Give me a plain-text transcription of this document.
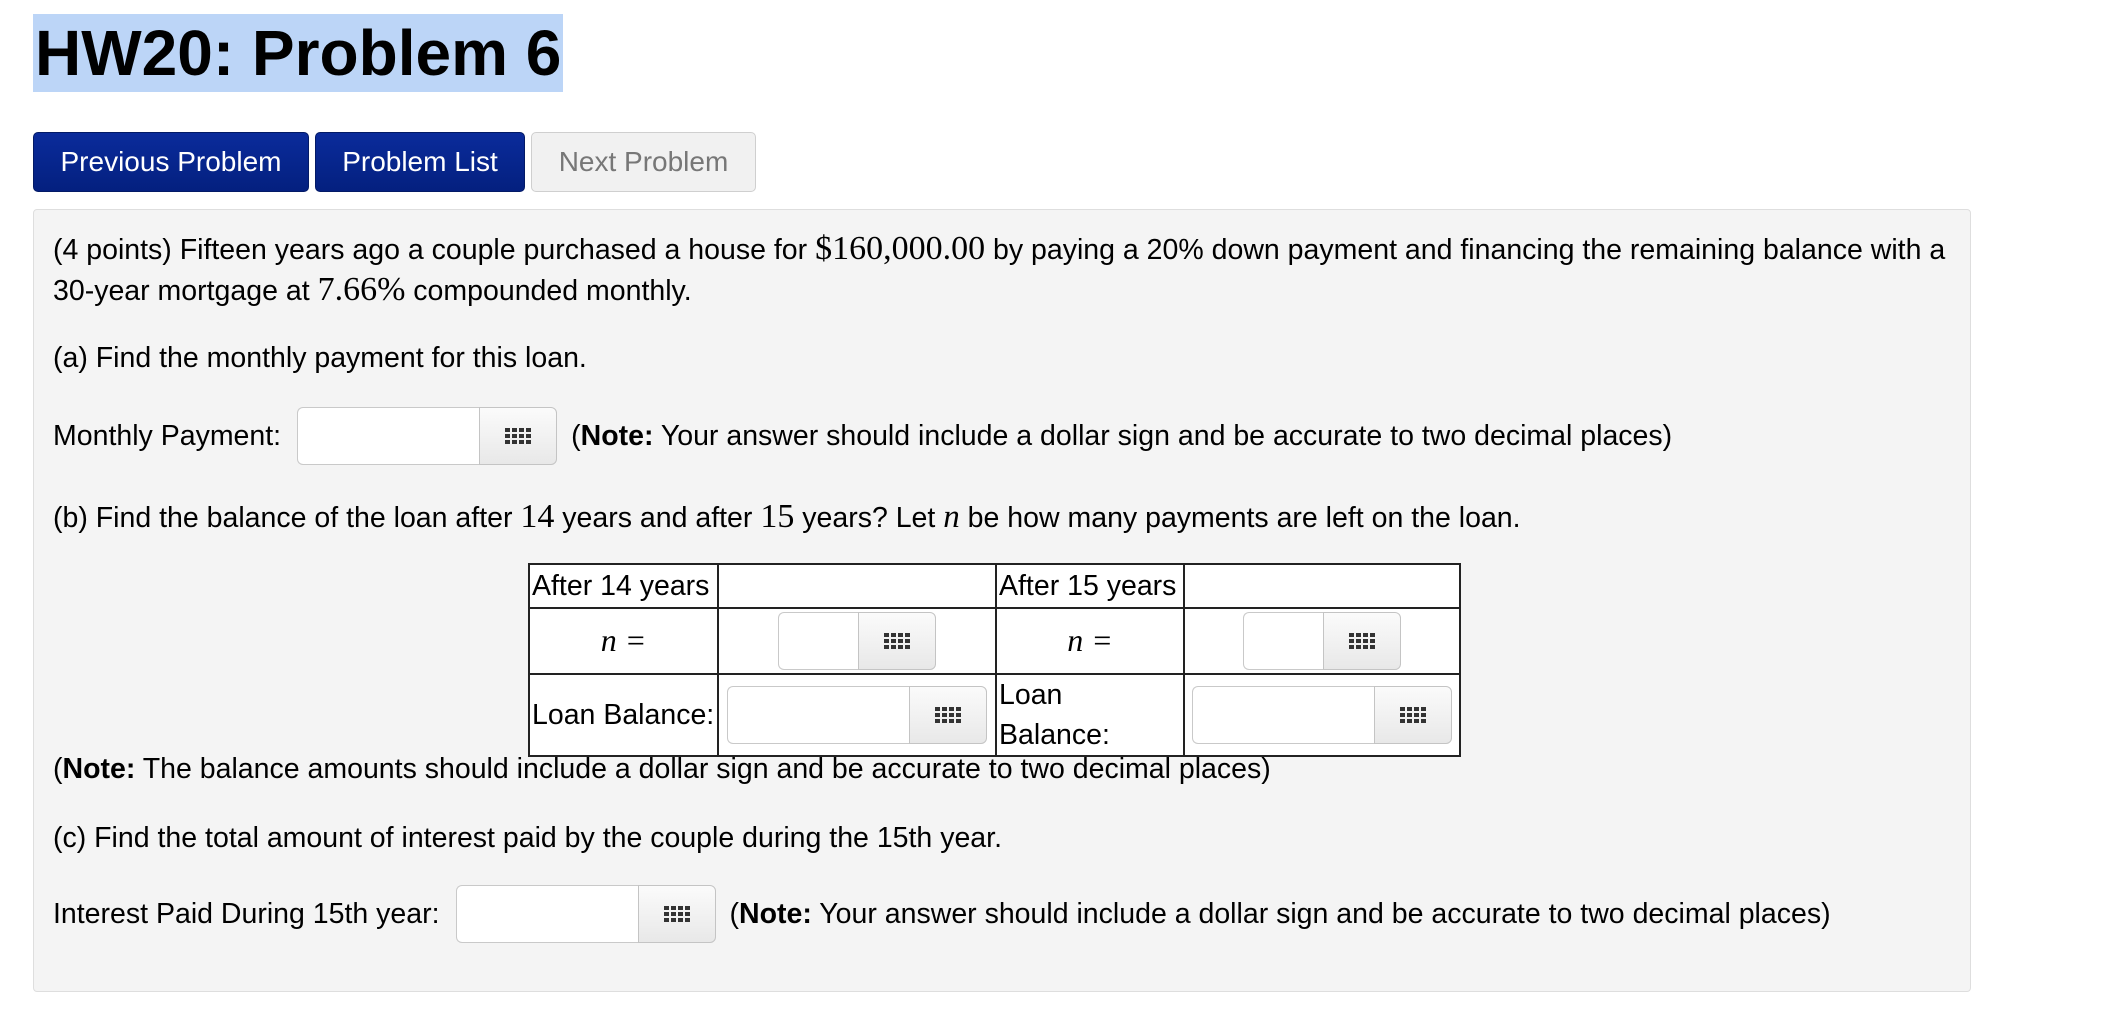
HW20: Problem 6
Previous Problem	Problem List	Next Problem

(4 points) Fifteen years ago a couple purchased a house for $160,000.00 by paying a 20% down payment and financing the remaining balance with a 30-year mortgage at 7.66% compounded monthly.

(a) Find the monthly payment for this loan.

Monthly Payment:	(Note: Your answer should include a dollar sign and be accurate to two decimal places)

(b) Find the balance of the loan after 14 years and after 15 years? Let n be how many payments are left on the loan.

After 14 years		After 15 years	
n =		n =	

Loan Balance:		Loan Balance:	

(Note: The balance amounts should include a dollar sign and be accurate to two decimal places)

(c) Find the total amount of interest paid by the couple during the 15th year.

Interest Paid During 15th year:	(Note: Your answer should include a dollar sign and be accurate to two decimal places)
